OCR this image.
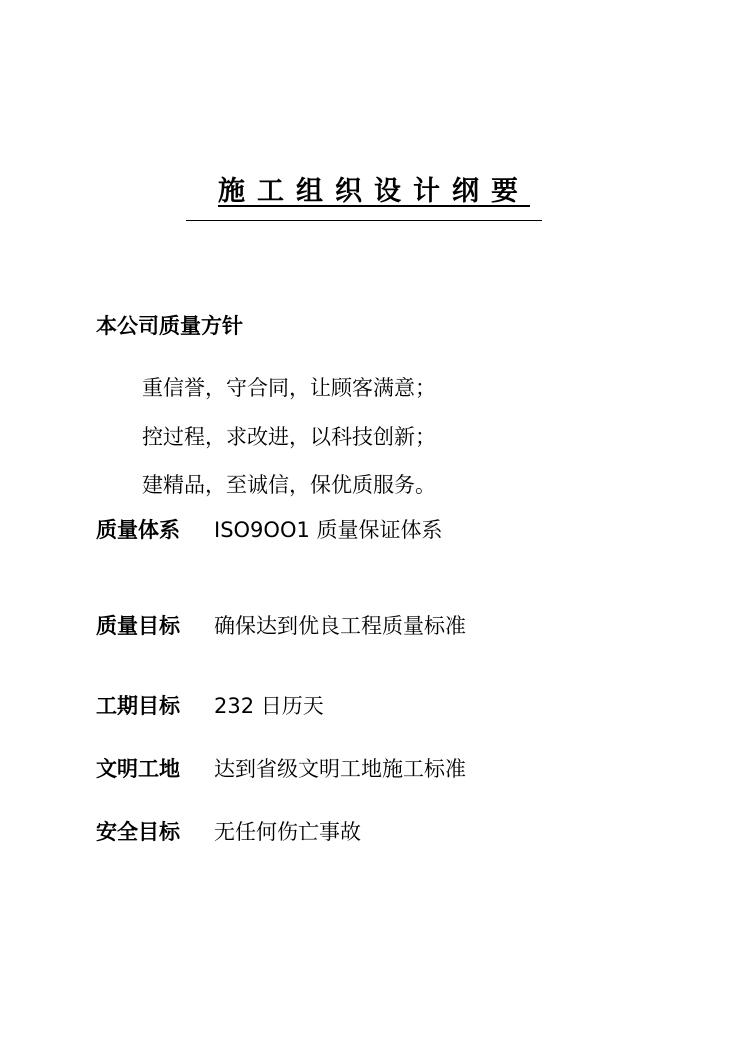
施工组织设计纲要
本公司质量方针
重信誉，守合同，让顾客满意；
控过程，求改进，以科技创新；
建精品，至诚信，保优质服务。
质量体系 ISO9OO1 质量保证体系
质量目标 确保达到优良工程质量标准
工期目标 232 日历天
文明工地 达到省级文明工地施工标准
安全目标 无任何伤亡事故
